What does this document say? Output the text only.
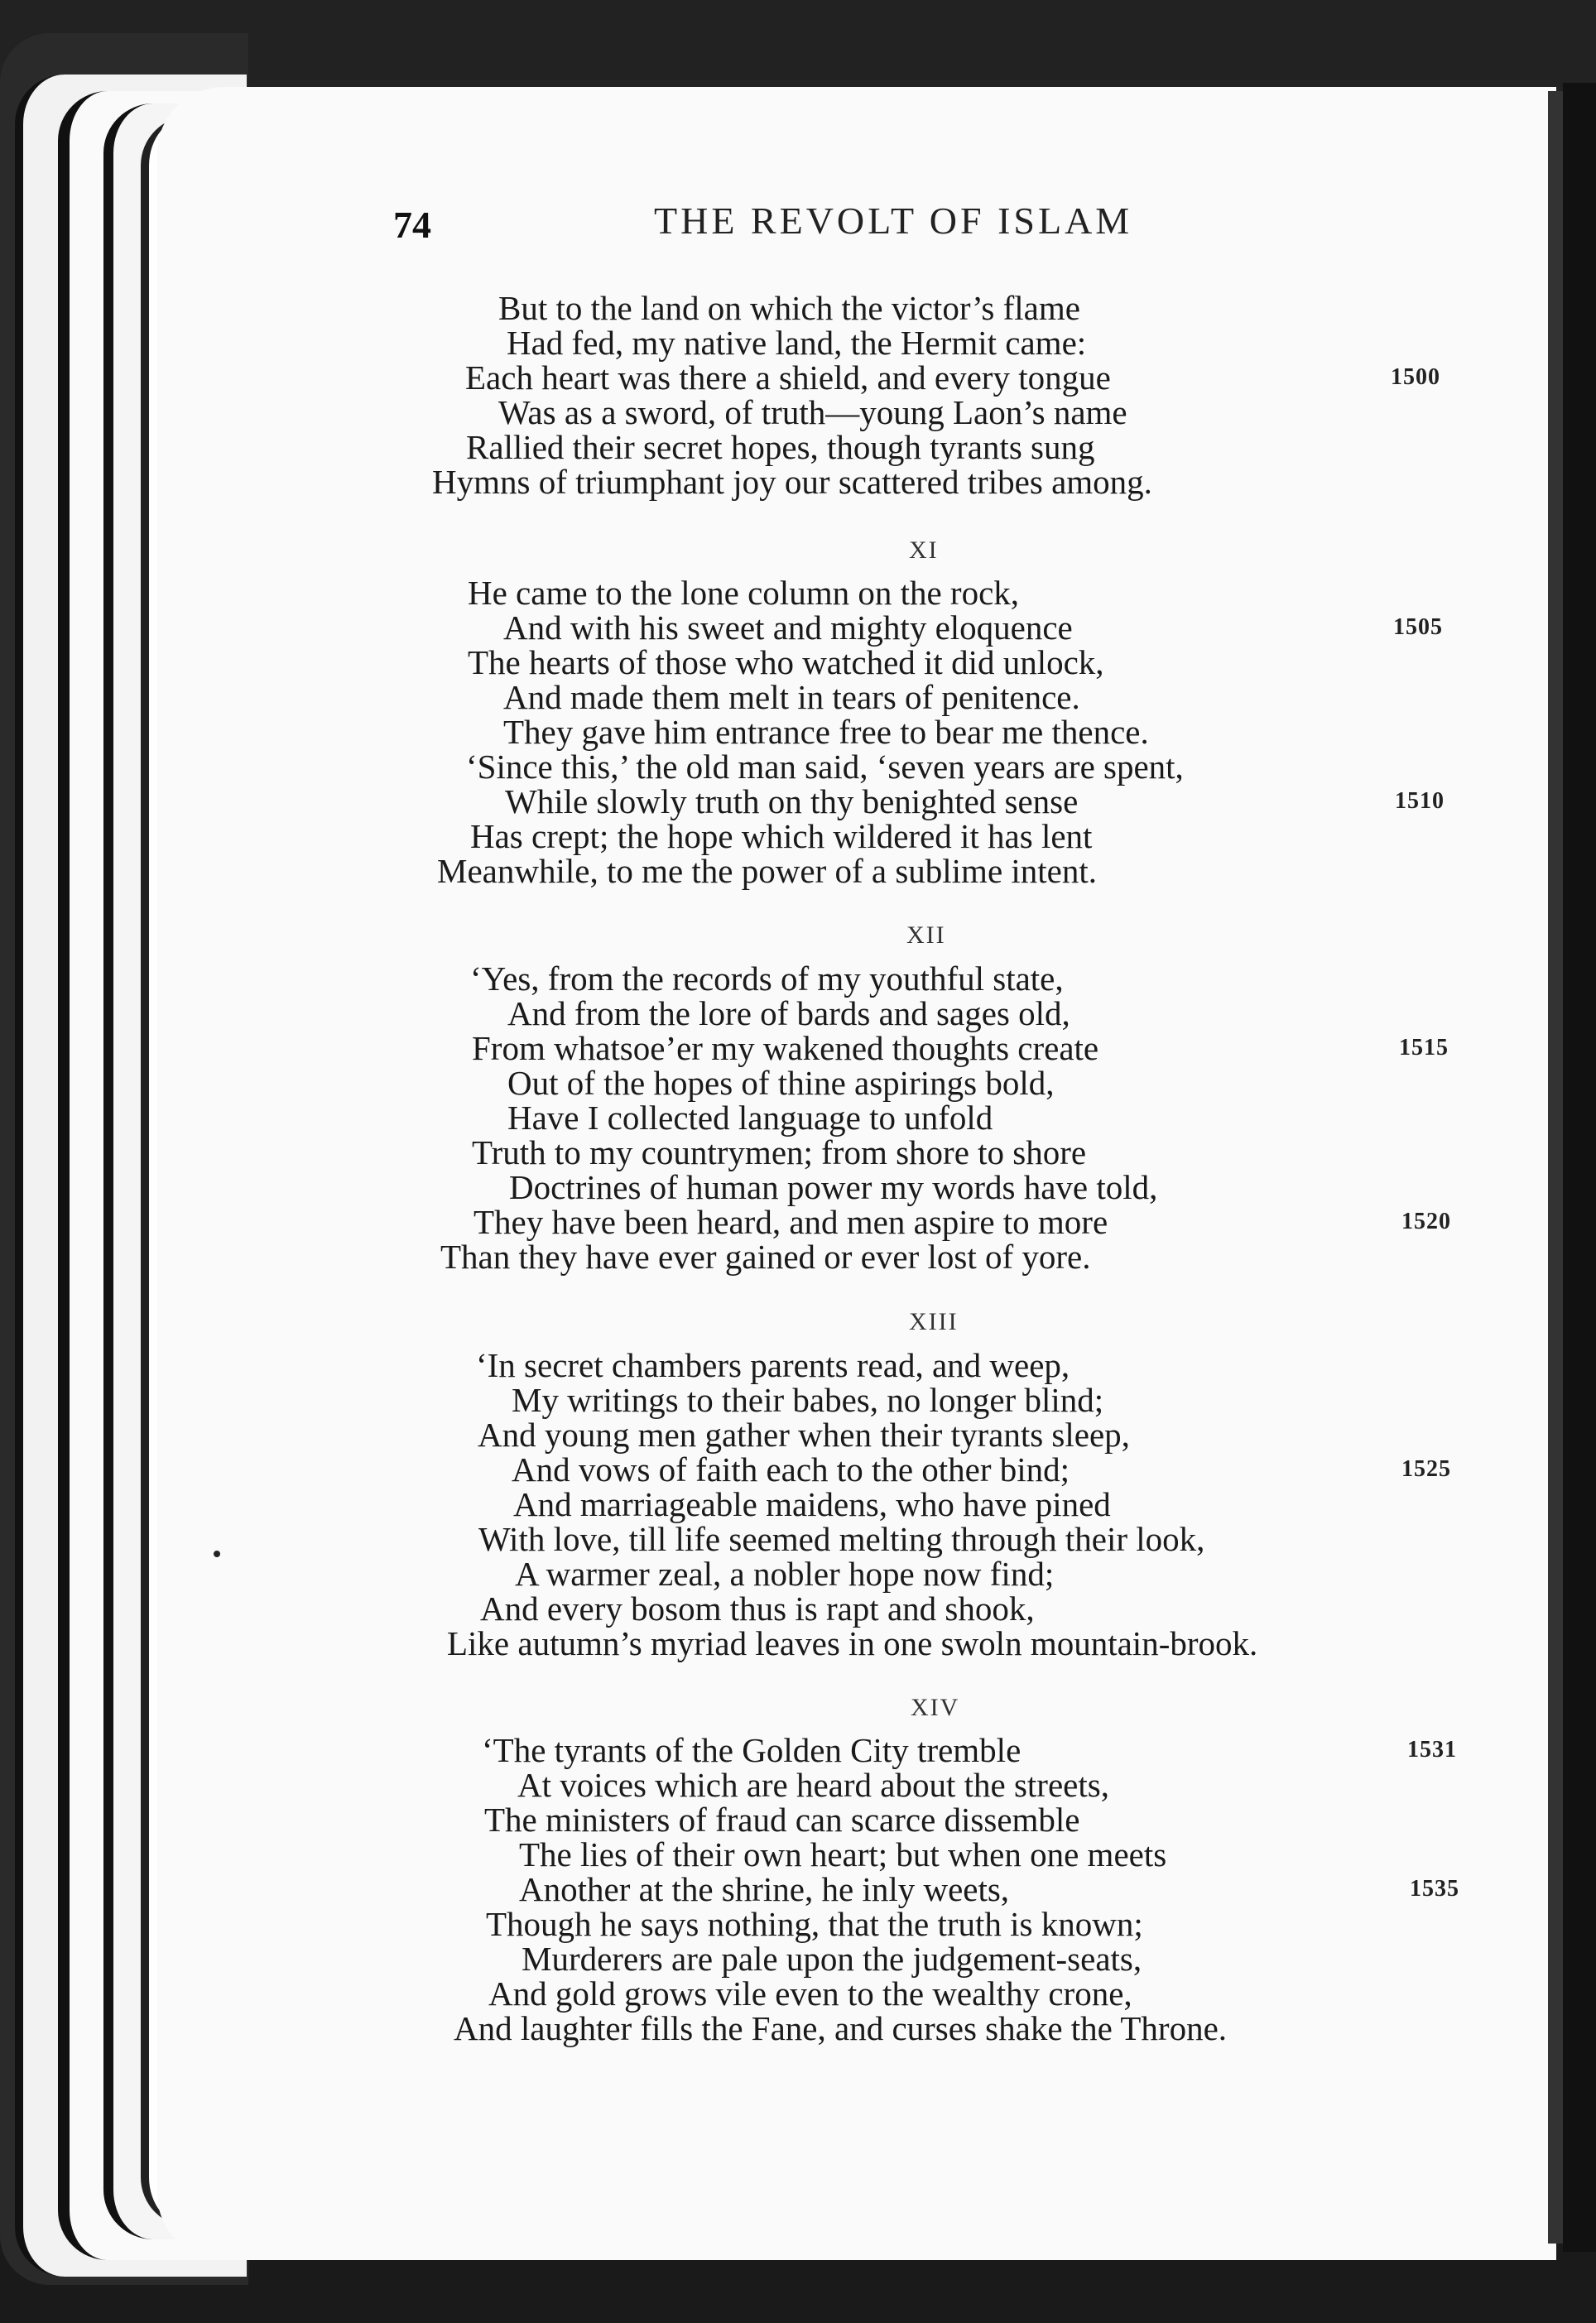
74	THE REVOLT OF ISLAM
But to the land on which the victor’s flame
Had fed, my native land, the Hermit came:
Each heart was there a shield, and every tongue	1500
Was as a sword, of truth—young Laon’s name
Rallied their secret hopes, though tyrants sung
Hymns of triumphant joy our scattered tribes among.
XI
He came to the lone column on the rock,
And with his sweet and mighty eloquence	1505
The hearts of those who watched it did unlock,
And made them melt in tears of penitence.
They gave him entrance free to bear me thence.
‘Since this,’ the old man said, ‘seven years are spent,
While slowly truth on thy benighted sense	1510
Has crept; the hope which wildered it has lent
Meanwhile, to me the power of a sublime intent.
XII
‘Yes, from the records of my youthful state,
And from the lore of bards and sages old,
From whatsoe’er my wakened thoughts create	1515
Out of the hopes of thine aspirings bold,
Have I collected language to unfold
Truth to my countrymen; from shore to shore
Doctrines of human power my words have told,
They have been heard, and men aspire to more	1520
Than they have ever gained or ever lost of yore.
XIII
‘In secret chambers parents read, and weep,
My writings to their babes, no longer blind;
And young men gather when their tyrants sleep,
And vows of faith each to the other bind;	1525
And marriageable maidens, who have pined
With love, till life seemed melting through their look,
A warmer zeal, a nobler hope now find;
And every bosom thus is rapt and shook,
Like autumn’s myriad leaves in one swoln mountain-brook.
XIV
‘The tyrants of the Golden City tremble	1531
At voices which are heard about the streets,
The ministers of fraud can scarce dissemble
The lies of their own heart; but when one meets
Another at the shrine, he inly weets,	1535
Though he says nothing, that the truth is known;
Murderers are pale upon the judgement-seats,
And gold grows vile even to the wealthy crone,
And laughter fills the Fane, and curses shake the Throne.
